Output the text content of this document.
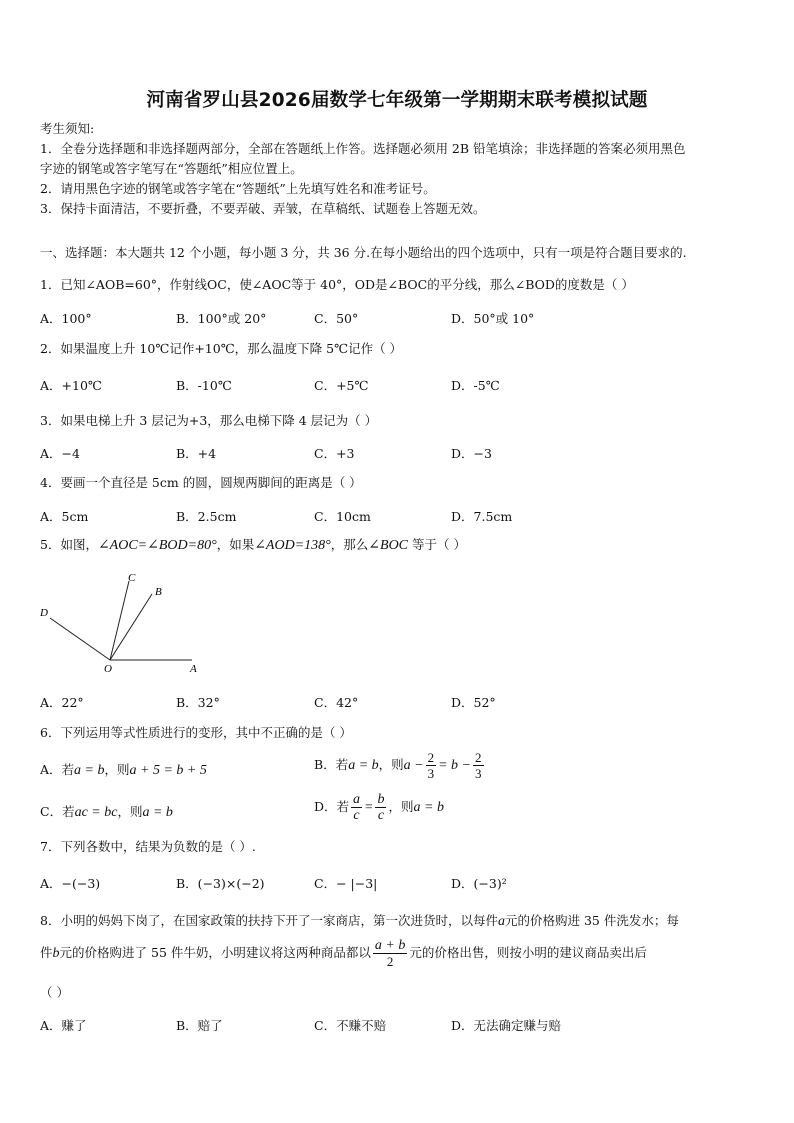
河南省罗山县2026届数学七年级第一学期期末联考模拟试题
考生须知:
1．全卷分选择题和非选择题两部分，全部在答题纸上作答。选择题必须用 2B 铅笔填涂；非选择题的答案必须用黑色
字迹的钢笔或答字笔写在“答题纸”相应位置上。
2．请用黑色字迹的钢笔或答字笔在“答题纸”上先填写姓名和准考证号。
3．保持卡面清洁，不要折叠，不要弄破、弄皱，在草稿纸、试题卷上答题无效。
一、选择题：本大题共 12 个小题，每小题 3 分，共 36 分.在每小题给出的四个选项中，只有一项是符合题目要求的.
1．已知∠AOB=60°，作射线OC，使∠AOC等于 40°，OD是∠BOC的平分线，那么∠BOD的度数是（ ）
A．100°	B．100°或 20°	C．50°	D．50°或 10°
2．如果温度上升 10℃记作+10℃，那么温度下降 5℃记作（ ）
A．+10℃	B．-10℃	C．+5℃	D．-5℃
3．如果电梯上升 3 层记为+3，那么电梯下降 4 层记为（ ）
A．−4	B．+4	C．+3	D．−3
4．要画一个直径是 5cm 的圆，圆规两脚间的距离是（ ）
A．5cm	B．2.5cm	C．10cm	D．7.5cm
5．如图，∠AOC=∠BOD=80°，如果∠AOD=138°，那么∠BOC 等于（ ）
C
B
D
O	A
A．22°	B．32°	C．42°	D．52°
6．下列运用等式性质进行的变形，其中不正确的是（ ）
A．若a = b，则a + 5 = b + 5	B．若a = b，则$a - \frac{2}{3} = b - \frac{2}{3}$
C．若ac = bc，则a = b	D．若 $\frac{a}{c} = \frac{b}{c}$ ，则a = b
7．下列各数中，结果为负数的是（ ）.
A．−(−3)	B．(−3)×(−2)	C．− |−3|	D．(−3)²
8．小明的妈妈下岗了，在国家政策的扶持下开了一家商店，第一次进货时，以每件a元的价格购进 35 件洗发水；每
件b元的价格购进了 55 件牛奶，小明建议将这两种商品都以 $\frac{a + b}{2}$ 元的价格出售，则按小明的建议商品卖出后
（ ）
A．赚了	B．赔了	C．不赚不赔	D．无法确定赚与赔
